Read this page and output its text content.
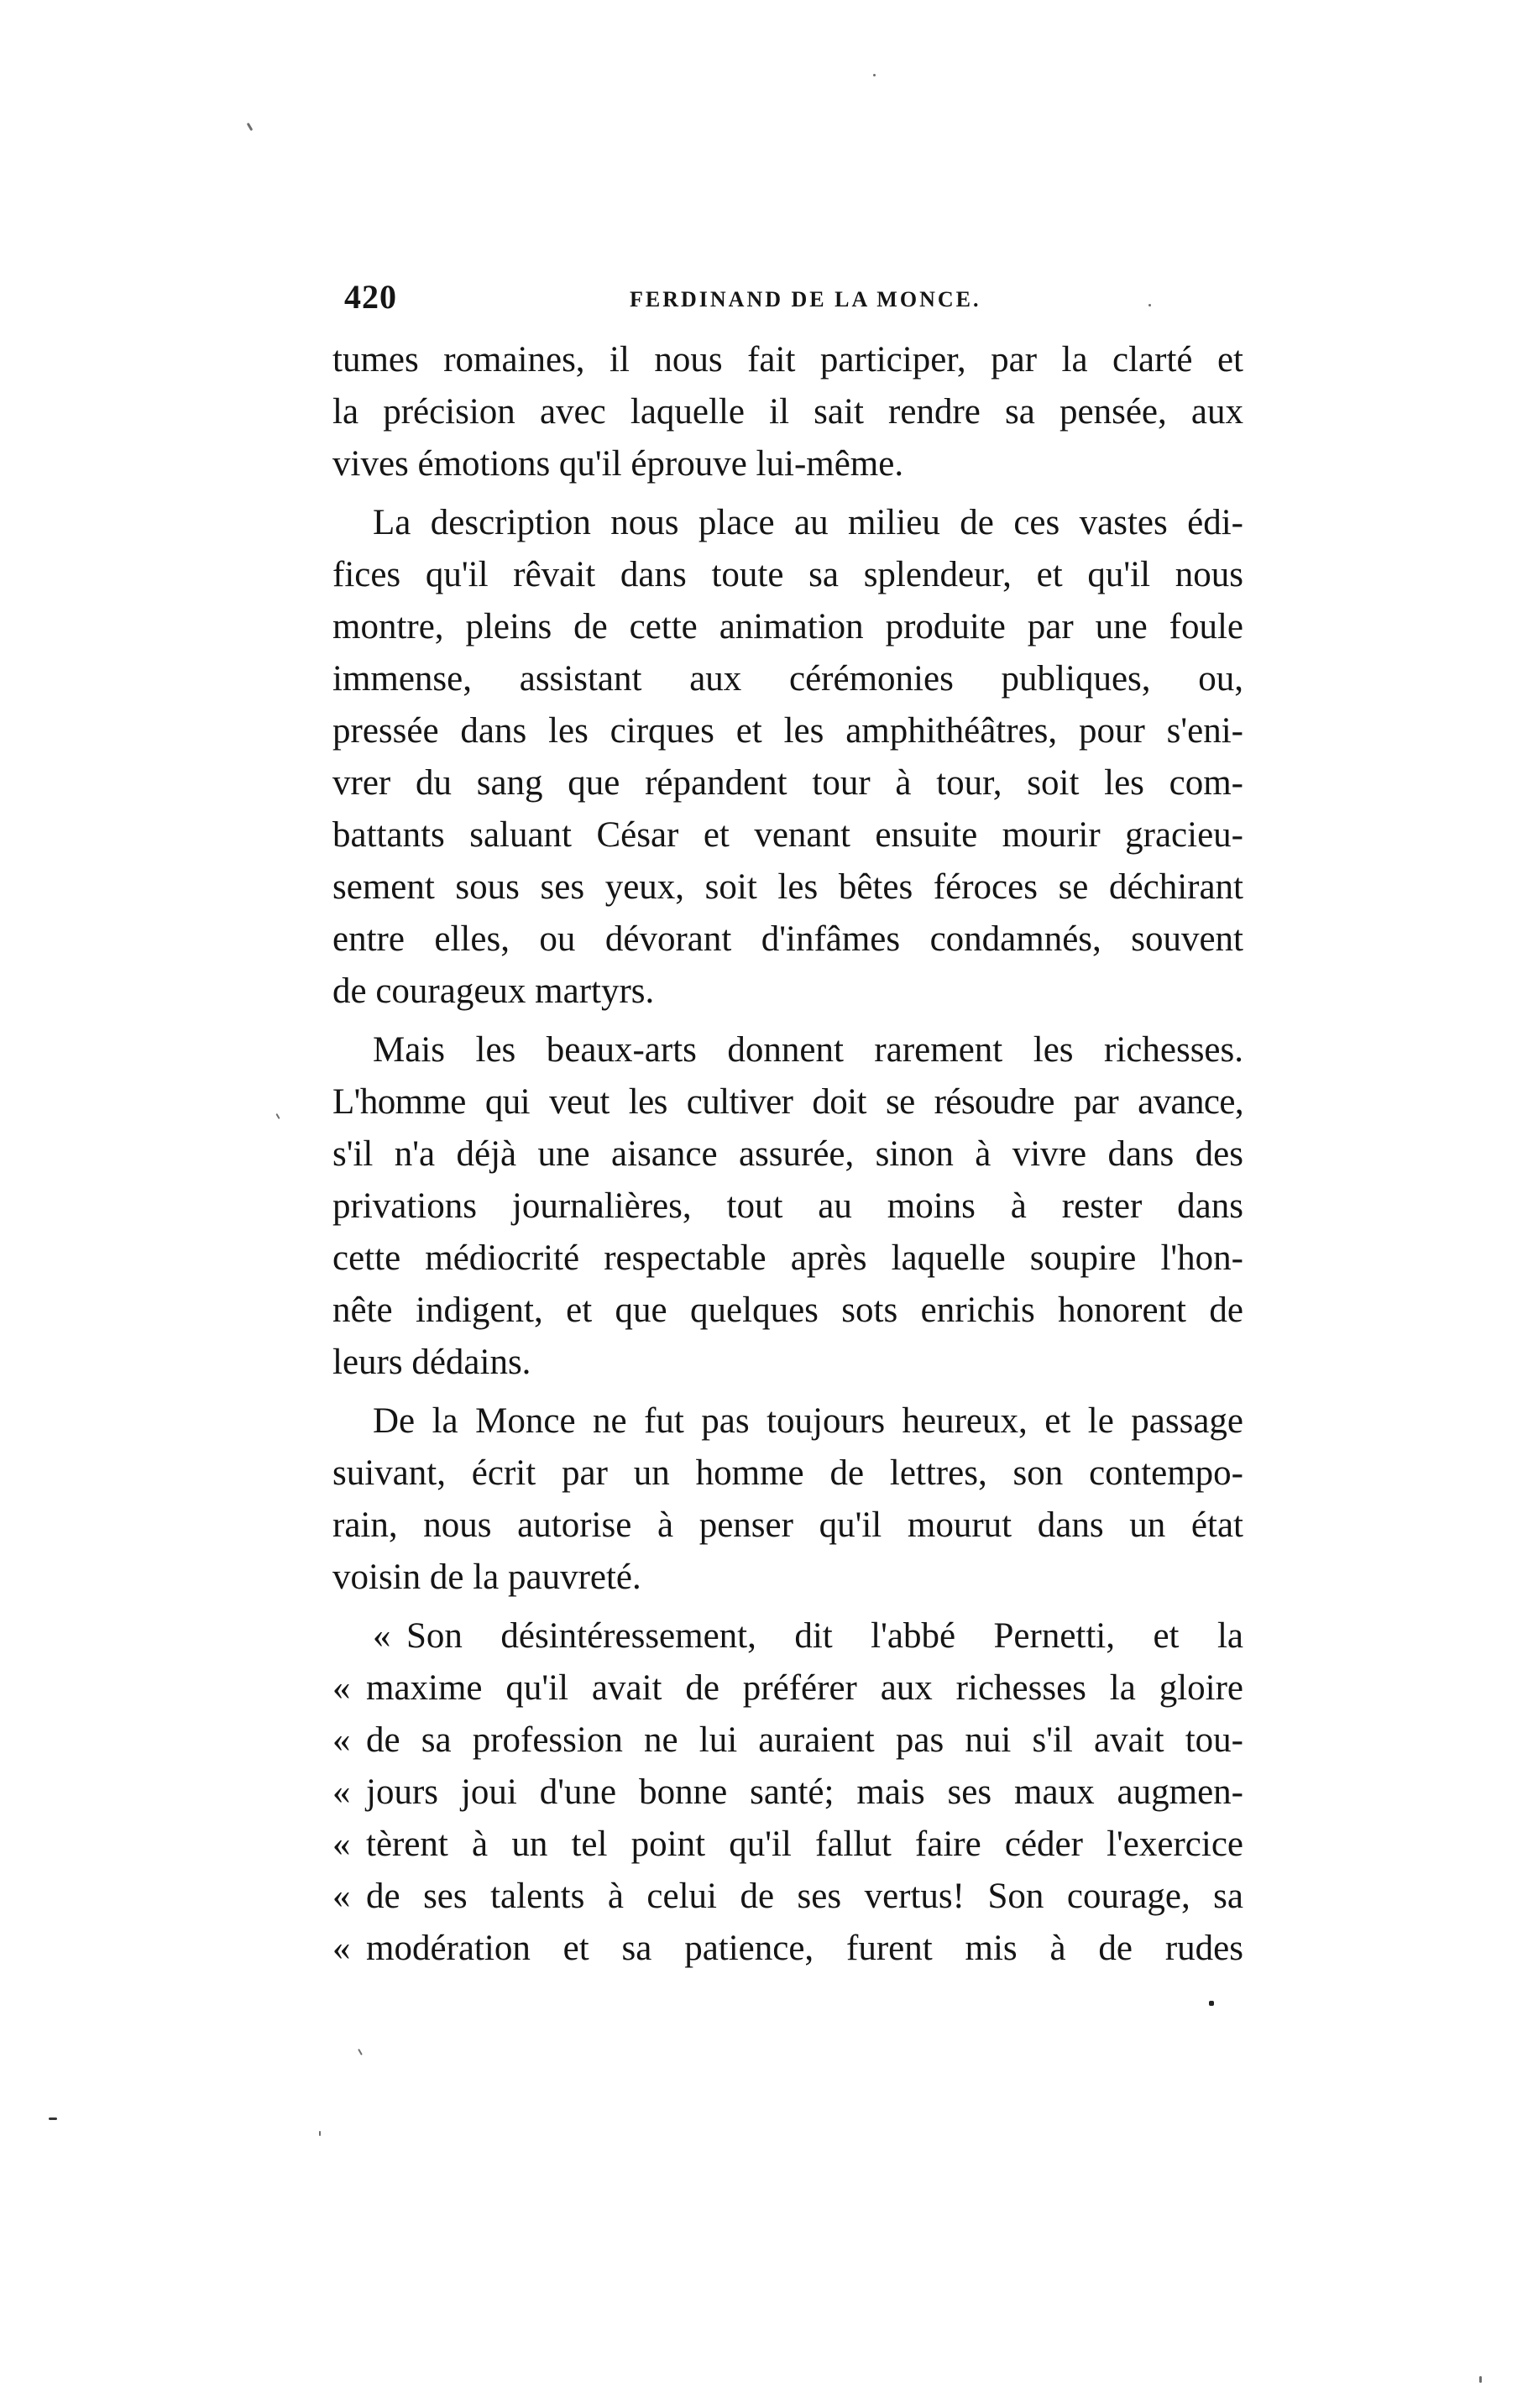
420	FERDINAND DE LA MONCE.
tumes romaines, il nous fait participer, par la clarté et
la précision avec laquelle il sait rendre sa pensée, aux
vives émotions qu'il éprouve lui-même.
La description nous place au milieu de ces vastes édi-
fices qu'il rêvait dans toute sa splendeur, et qu'il nous
montre, pleins de cette animation produite par une foule
immense, assistant aux cérémonies publiques, ou,
pressée dans les cirques et les amphithéâtres, pour s'eni-
vrer du sang que répandent tour à tour, soit les com-
battants saluant César et venant ensuite mourir gracieu-
sement sous ses yeux, soit les bêtes féroces se déchirant
entre elles, ou dévorant d'infâmes condamnés, souvent
de courageux martyrs.
Mais les beaux-arts donnent rarement les richesses.
L'homme qui veut les cultiver doit se résoudre par avance,
s'il n'a déjà une aisance assurée, sinon à vivre dans des
privations journalières, tout au moins à rester dans
cette médiocrité respectable après laquelle soupire l'hon-
nête indigent, et que quelques sots enrichis honorent de
leurs dédains.
De la Monce ne fut pas toujours heureux, et le passage
suivant, écrit par un homme de lettres, son contempo-
rain, nous autorise à penser qu'il mourut dans un état
voisin de la pauvreté.
« Son désintéressement, dit l'abbé Pernetti, et la
« maxime qu'il avait de préférer aux richesses la gloire
« de sa profession ne lui auraient pas nui s'il avait tou-
« jours joui d'une bonne santé; mais ses maux augmen-
« tèrent à un tel point qu'il fallut faire céder l'exercice
« de ses talents à celui de ses vertus! Son courage, sa
« modération et sa patience, furent mis à de rudes
